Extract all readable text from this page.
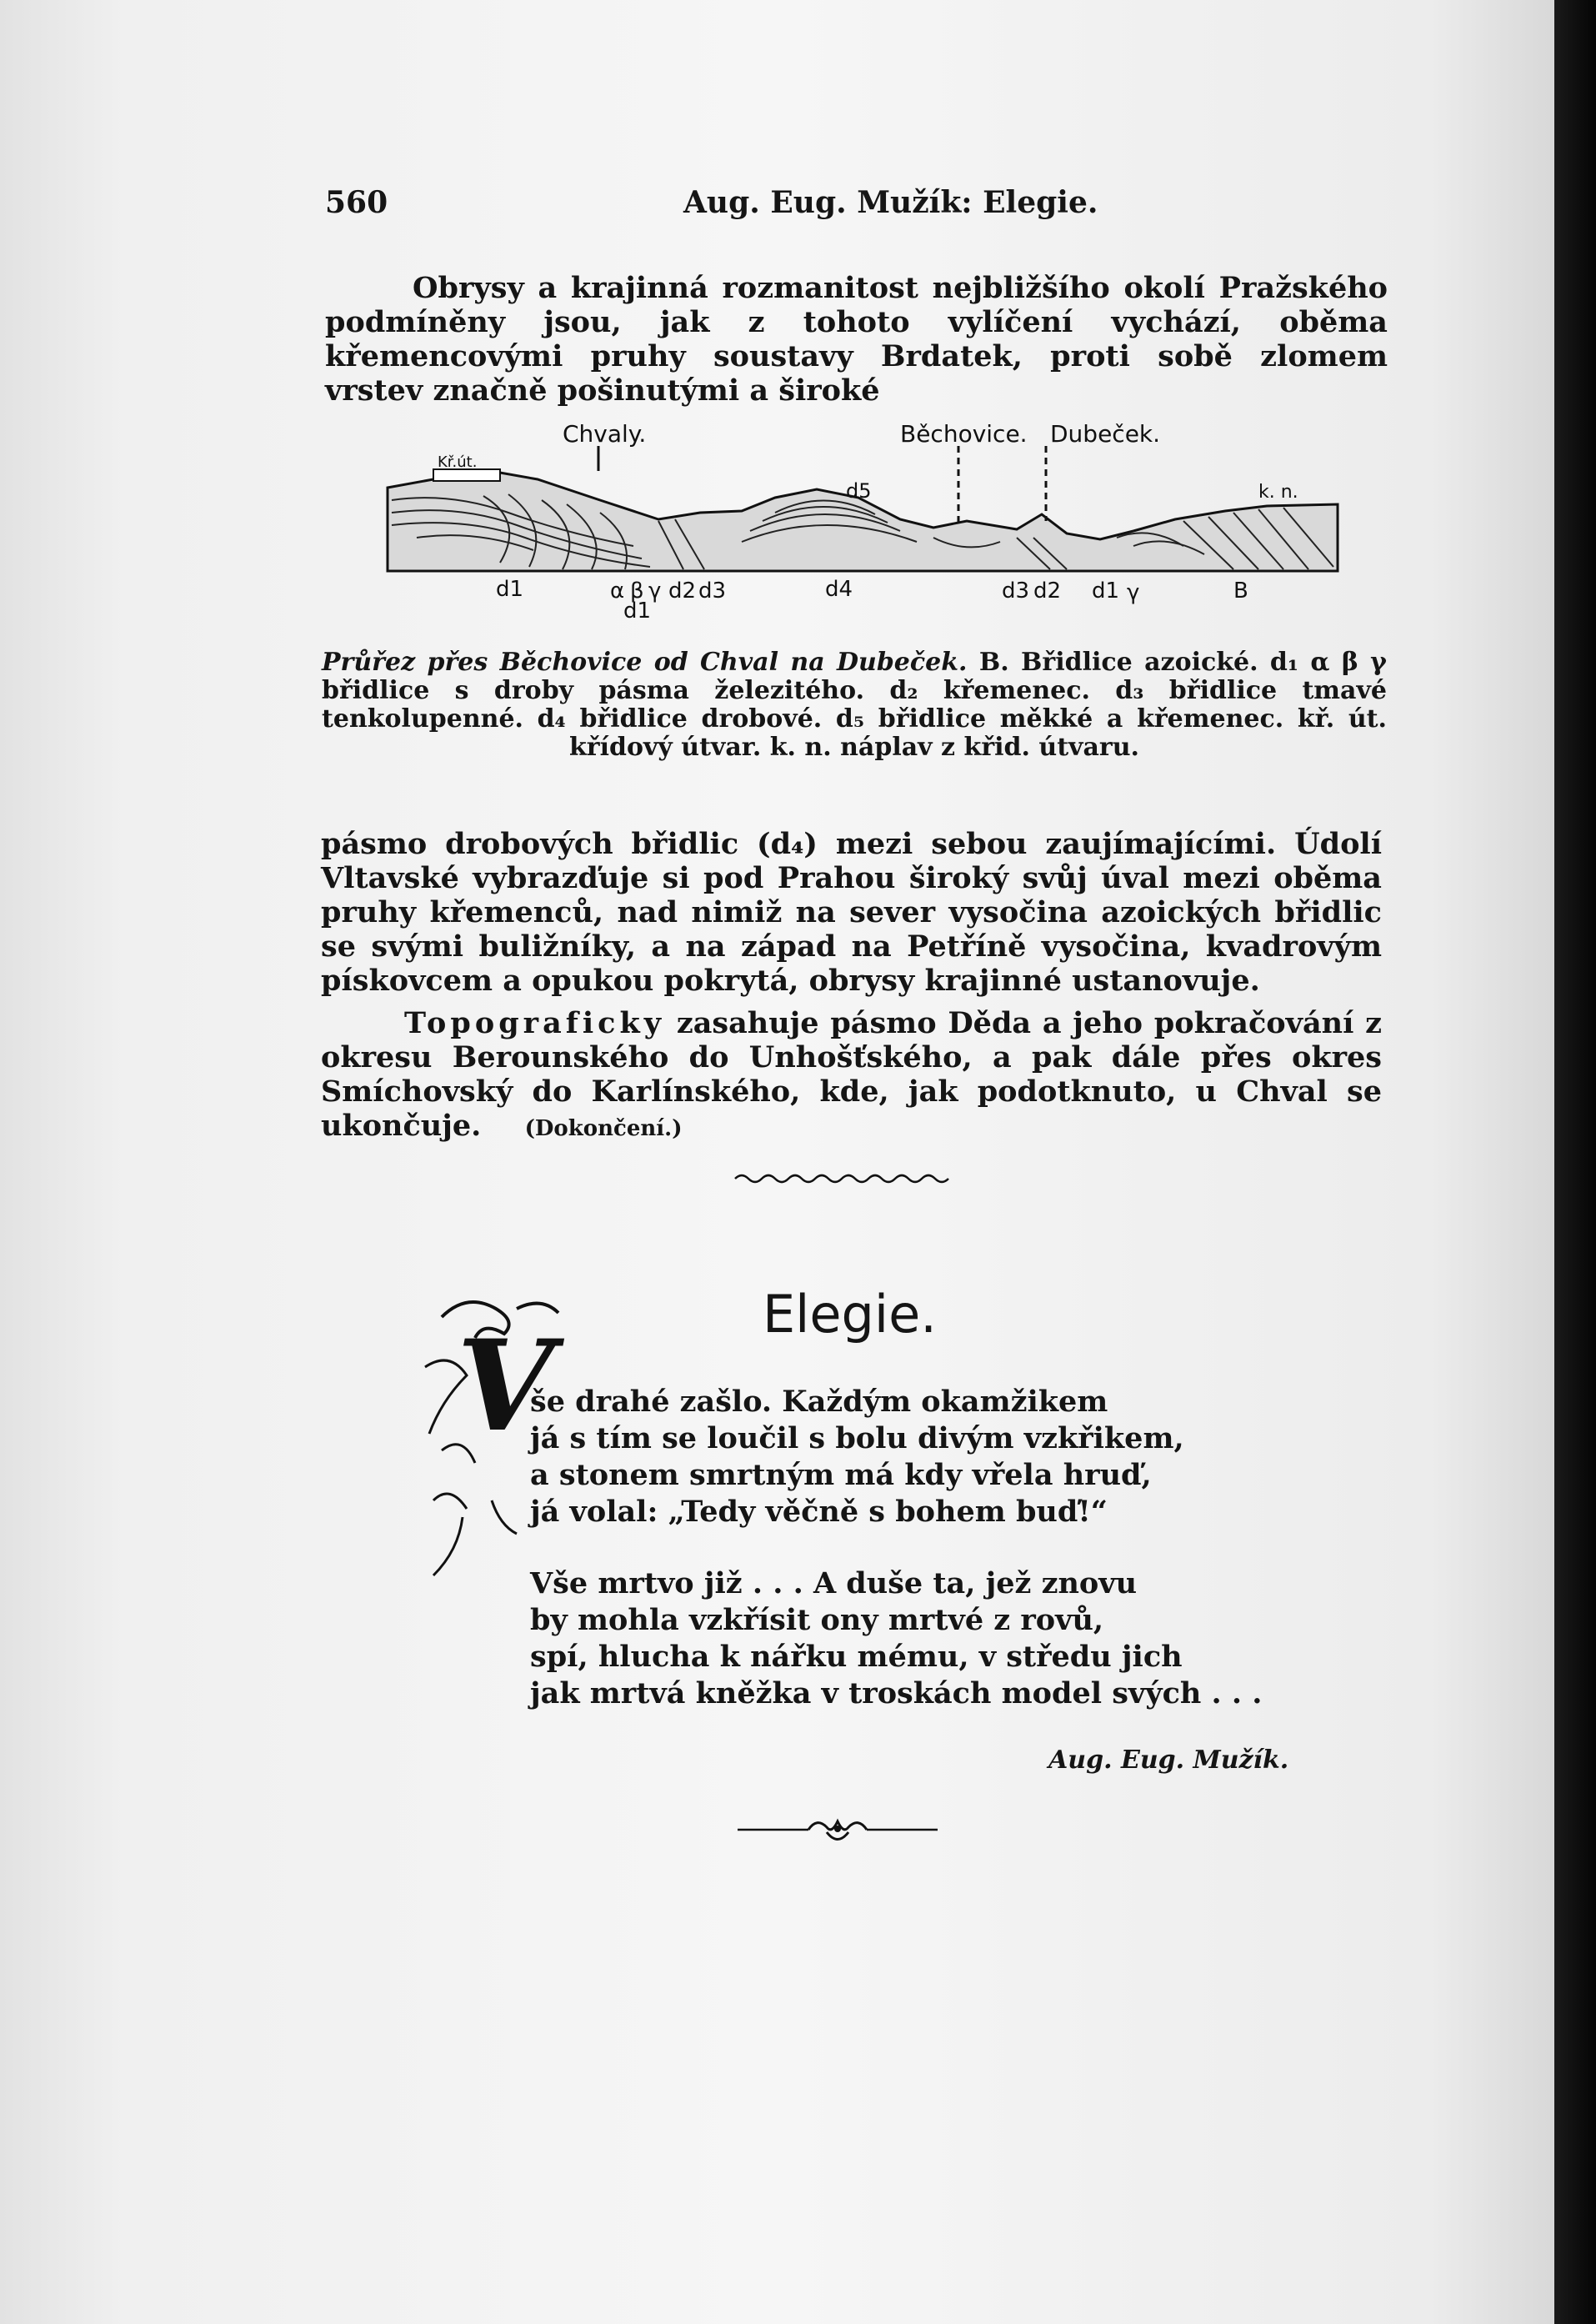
560	Aug. Eug. Mužík: Elegie.

Obrysy a krajinná rozmanitost nejbližšího okolí Pražského podmíněny jsou, jak z tohoto vylíčení vychází, oběma křemencovými pruhy soustavy Brdatek, proti sobě zlomem vrstev značně pošinutými a široké

Chvaly.	Běchovice. Dubeček.
Kř.út.
d5	k. n.
d1	α β γ d2 d3
d1
d4	d3 d2 d1 γ	B

Průřez přes Běchovice od Chval na Dubeček. B. Břidlice azoické. d₁ α β γ břidlice s droby pásma železitého. d₂ křemenec. d₃ břidlice tmavé tenkolupenné. d₄ břidlice drobové. d₅ břidlice měkké a křemenec. kř. út. křídový útvar. k. n. náplav z křid. útvaru.

pásmo drobových břidlic (d₄) mezi sebou zaujímajícími. Údolí Vltavské vybrazďuje si pod Prahou široký svůj úval mezi oběma pruhy křemenců, nad nimiž na sever vysočina azoických břidlic se svými buližníky, a na západ na Petříně vysočina, kvadrovým pískovcem a opukou pokrytá, obrysy krajinné ustanovuje.

Topograficky zasahuje pásmo Děda a jeho pokračování z okresu Berounského do Unhošťského, a pak dále přes okres Smíchovský do Karlínského, kde, jak podotknuto, u Chval se ukončuje. (Dokončení.)

Elegie.
V
še drahé zašlo. Každým okamžikem
já s tím se loučil s bolu divým vzkřikem,
a stonem smrtným má kdy vřela hruď,
já volal: „Tedy věčně s bohem buď!“
Vše mrtvo již . . . A duše ta, jež znovu
by mohla vzkřísit ony mrtvé z rovů,
spí, hlucha k nářku mému, v středu jich
jak mrtvá kněžka v troskách model svých . . .
Aug. Eug. Mužík.
